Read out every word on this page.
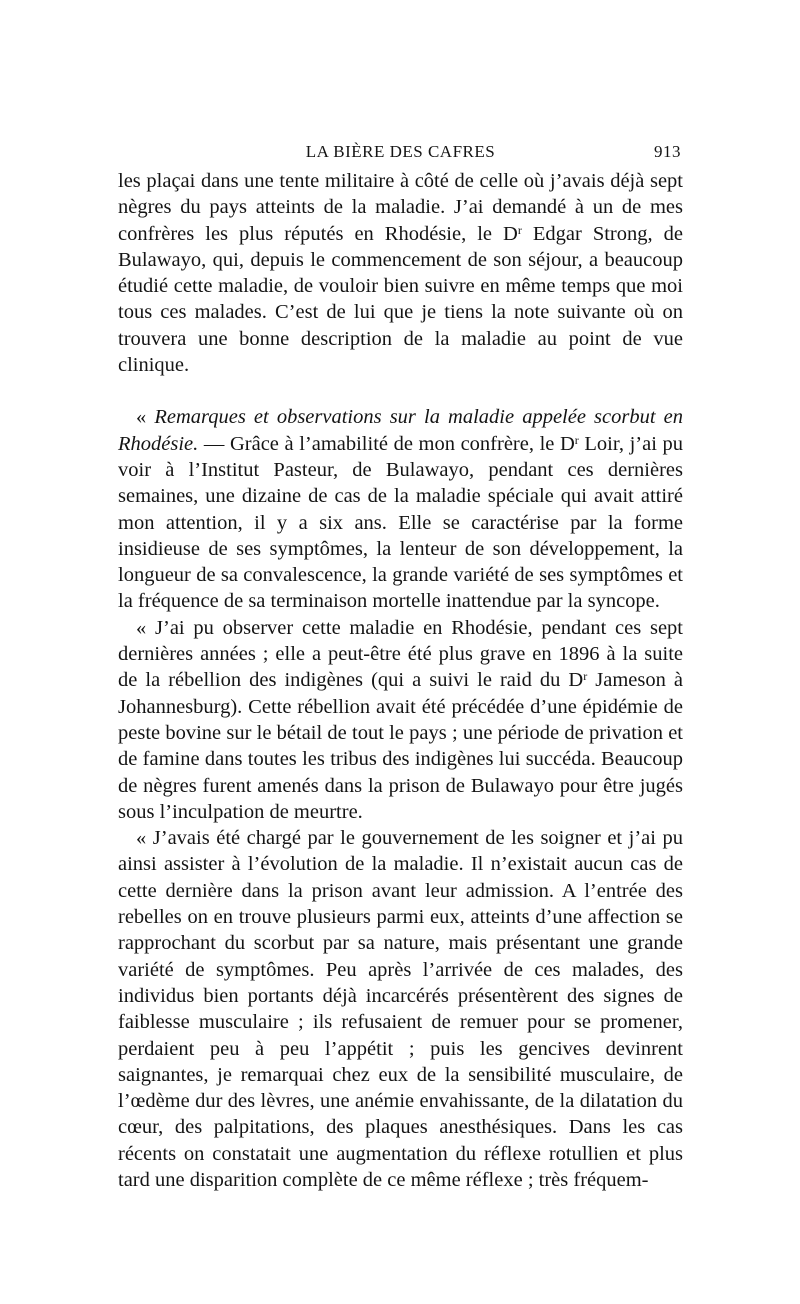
LA BIÈRE DES CAFRES	913

les plaçai dans une tente militaire à côté de celle où j’avais déjà sept nègres du pays atteints de la maladie. J’ai demandé à un de mes confrères les plus réputés en Rhodésie, le $D^r$ Edgar Strong, de Bulawayo, qui, depuis le commencement de son séjour, a beaucoup étudié cette maladie, de vouloir bien suivre en même temps que moi tous ces malades. C’est de lui que je tiens la note suivante où on trouvera une bonne description de la maladie au point de vue clinique.

« Remarques et observations sur la maladie appelée scorbut en Rhodésie. — Grâce à l’amabilité de mon confrère, le $D^r$ Loir, j’ai pu voir à l’Institut Pasteur, de Bulawayo, pendant ces dernières semaines, une dizaine de cas de la maladie spéciale qui avait attiré mon attention, il y a six ans. Elle se caractérise par la forme insidieuse de ses symptômes, la lenteur de son développement, la longueur de sa convalescence, la grande variété de ses symptômes et la fréquence de sa terminaison mortelle inattendue par la syncope.

« J’ai pu observer cette maladie en Rhodésie, pendant ces sept dernières années ; elle a peut-être été plus grave en 1896 à la suite de la rébellion des indigènes (qui a suivi le raid du $D^r$ Jameson à Johannesburg). Cette rébellion avait été précédée d’une épidémie de peste bovine sur le bétail de tout le pays ; une période de privation et de famine dans toutes les tribus des indigènes lui succéda. Beaucoup de nègres furent amenés dans la prison de Bulawayo pour être jugés sous l’inculpation de meurtre.

« J’avais été chargé par le gouvernement de les soigner et j’ai pu ainsi assister à l’évolution de la maladie. Il n’existait aucun cas de cette dernière dans la prison avant leur admission. A l’entrée des rebelles on en trouve plusieurs parmi eux, atteints d’une affection se rapprochant du scorbut par sa nature, mais présentant une grande variété de symptômes. Peu après l’arrivée de ces malades, des individus bien portants déjà incarcérés présentèrent des signes de faiblesse musculaire ; ils refusaient de remuer pour se promener, perdaient peu à peu l’appétit ; puis les gencives devinrent saignantes, je remarquai chez eux de la sensibilité musculaire, de l’œdème dur des lèvres, une anémie envahissante, de la dilatation du cœur, des palpitations, des plaques anesthésiques. Dans les cas récents on constatait une augmentation du réflexe rotullien et plus tard une disparition complète de ce même réflexe ; très fréquem-
